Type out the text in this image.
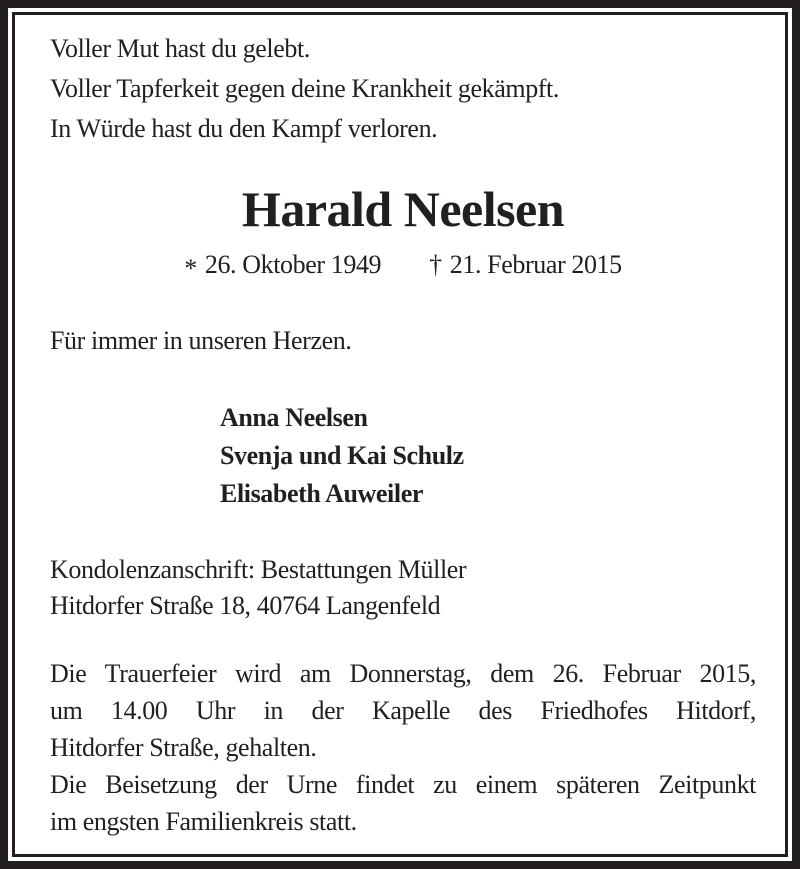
Voller Mut hast du gelebt.
Voller Tapferkeit gegen deine Krankheit gekämpft.
In Würde hast du den Kampf verloren.
Harald Neelsen
* 26. Oktober 1949 † 21. Februar 2015
Für immer in unseren Herzen.
Anna Neelsen
Svenja und Kai Schulz
Elisabeth Auweiler
Kondolenzanschrift: Bestattungen Müller
Hitdorfer Straße 18, 40764 Langenfeld
Die Trauerfeier wird am Donnerstag, dem 26. Februar 2015,
um 14.00 Uhr in der Kapelle des Friedhofes Hitdorf,
Hitdorfer Straße, gehalten.
Die Beisetzung der Urne findet zu einem späteren Zeitpunkt
im engsten Familienkreis statt.
